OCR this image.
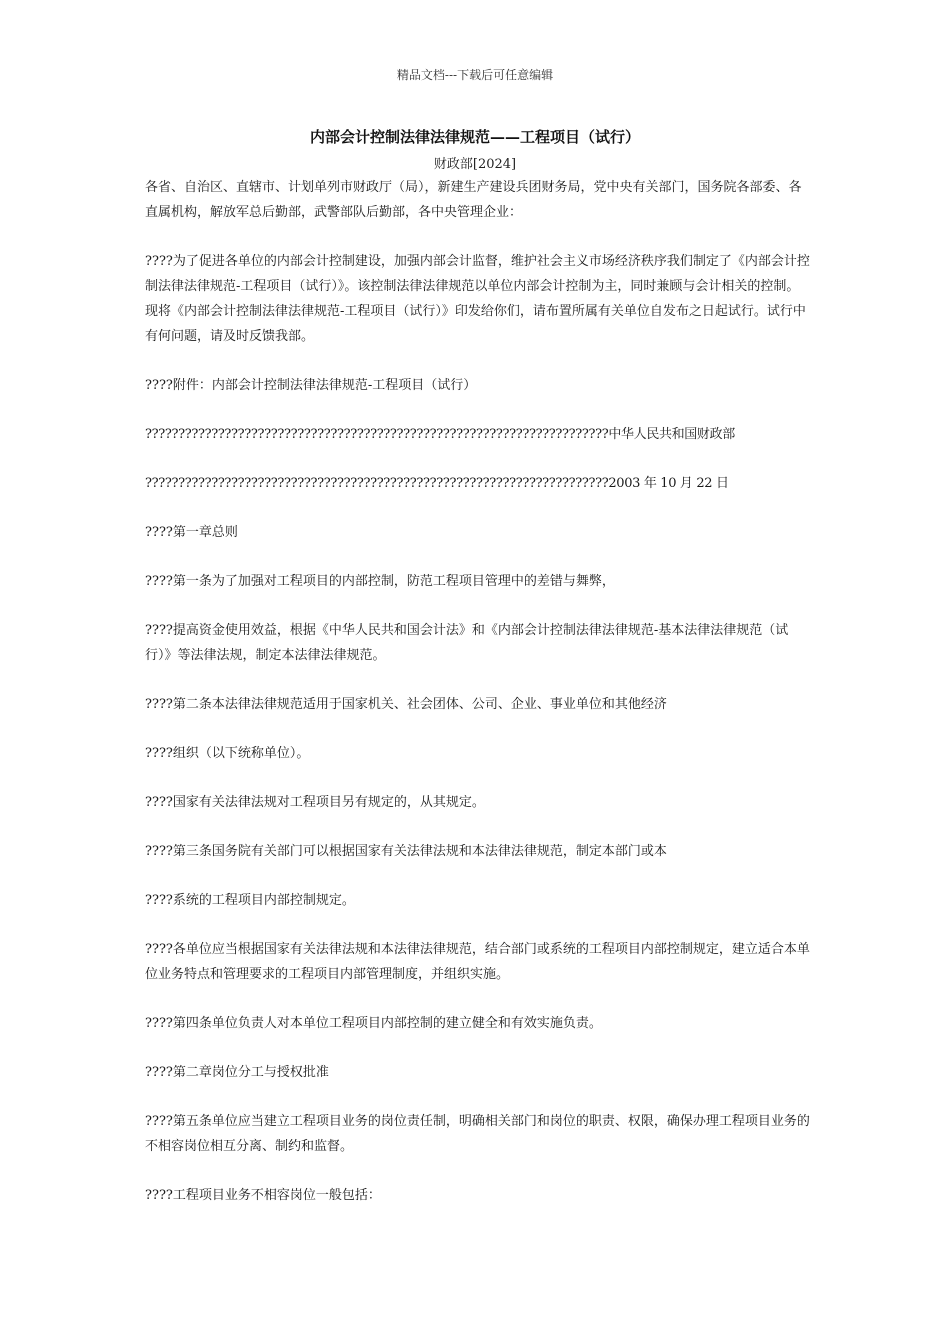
精品文档---下载后可任意编辑
内部会计控制法律法律规范——工程项目（试行）
财政部[2024]

各省、自治区、直辖市、计划单列市财政厅（局），新建生产建设兵团财务局，党中央有关部门，国务院各部委、各直属机构，解放军总后勤部，武警部队后勤部，各中央管理企业：

????为了促进各单位的内部会计控制建设，加强内部会计监督，维护社会主义市场经济秩序我们制定了《内部会计控制法律法律规范-工程项目（试行）》。该控制法律法律规范以单位内部会计控制为主，同时兼顾与会计相关的控制。现将《内部会计控制法律法律规范-工程项目（试行）》印发给你们，请布置所属有关单位自发布之日起试行。试行中有何问题，请及时反馈我部。

????附件：内部会计控制法律法律规范-工程项目（试行）

??????????????????????????????????????????????????????????????????????中华人民共和国财政部

??????????????????????????????????????????????????????????????????????2003 年 10 月 22 日

????第一章总则

????第一条为了加强对工程项目的内部控制，防范工程项目管理中的差错与舞弊，

????提高资金使用效益，根据《中华人民共和国会计法》和《内部会计控制法律法律规范-基本法律法律规范（试行）》等法律法规，制定本法律法律规范。

????第二条本法律法律规范适用于国家机关、社会团体、公司、企业、事业单位和其他经济

????组织（以下统称单位）。

????国家有关法律法规对工程项目另有规定的，从其规定。

????第三条国务院有关部门可以根据国家有关法律法规和本法律法律规范，制定本部门或本

????系统的工程项目内部控制规定。

????各单位应当根据国家有关法律法规和本法律法律规范，结合部门或系统的工程项目内部控制规定，建立适合本单位业务特点和管理要求的工程项目内部管理制度，并组织实施。

????第四条单位负责人对本单位工程项目内部控制的建立健全和有效实施负责。

????第二章岗位分工与授权批准

????第五条单位应当建立工程项目业务的岗位责任制，明确相关部门和岗位的职责、权限，确保办理工程项目业务的不相容岗位相互分离、制约和监督。

????工程项目业务不相容岗位一般包括：
